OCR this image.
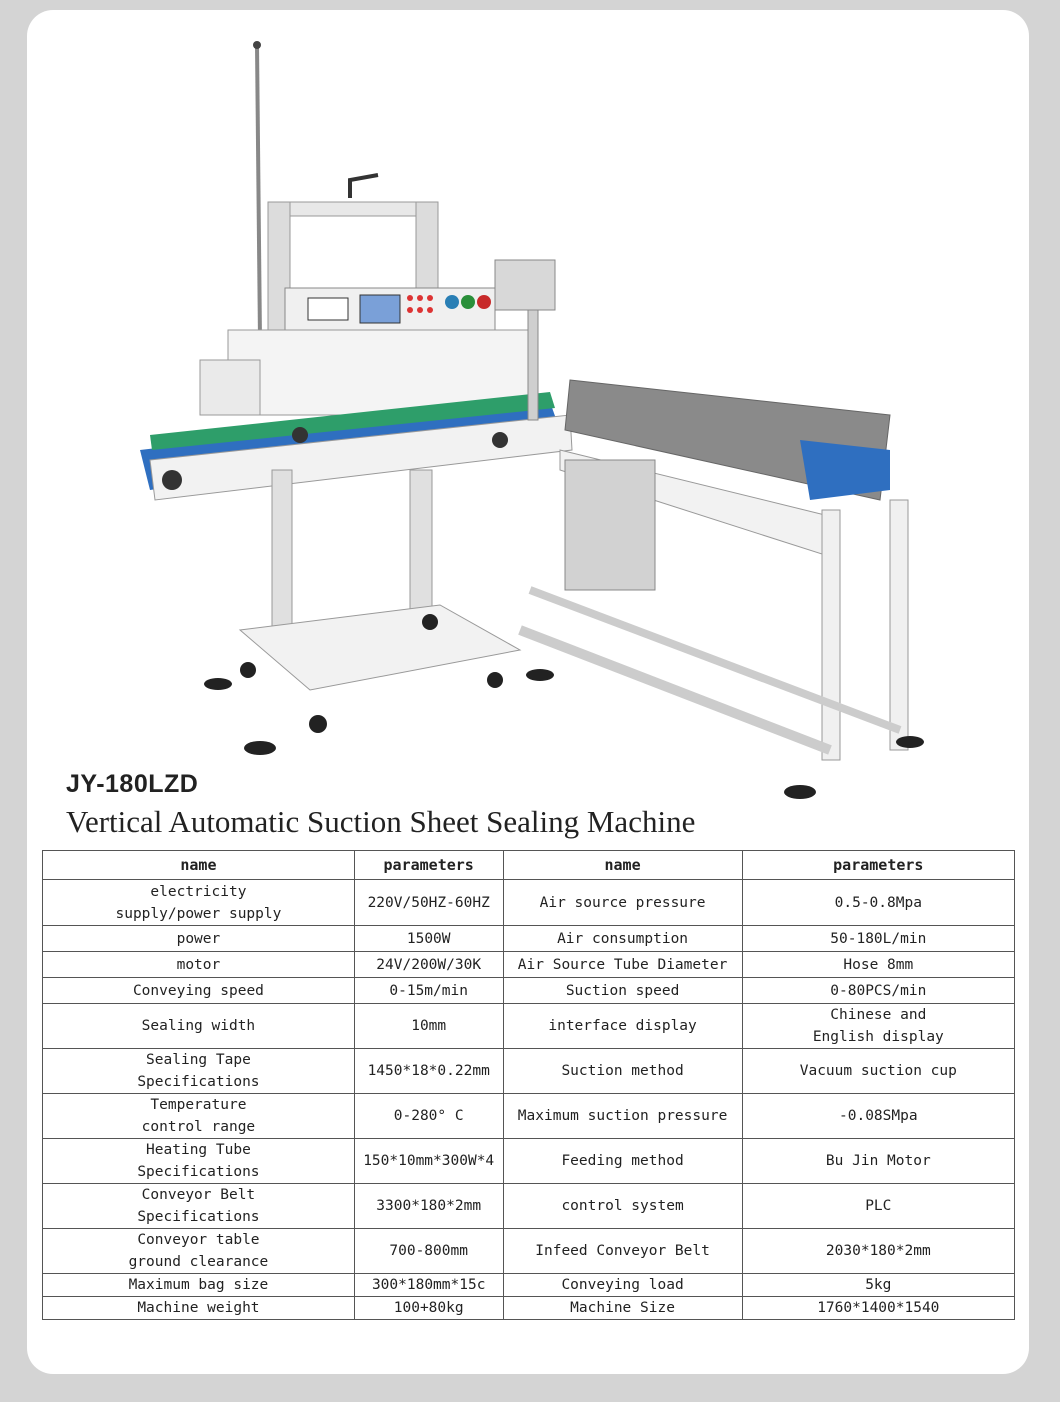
JY-180LZD
Vertical Automatic Suction Sheet Sealing Machine
name	parameters	name	parameters
electricity
supply/power supply	220V/50HZ-60HZ	Air source pressure	0.5-0.8Mpa
power	1500W	Air consumption	50-180L/min
motor	24V/200W/30K	Air Source Tube Diameter	Hose 8mm
Conveying speed	0-15m/min	Suction speed	0-80PCS/min
Sealing width	10mm	interface display	Chinese and
English display
Sealing Tape
Specifications	1450*18*0.22mm	Suction method	Vacuum suction cup
Temperature
control range	0-280° C	Maximum suction pressure	-0.08SMpa
Heating Tube
Specifications	150*10mm*300W*4	Feeding method	Bu Jin Motor
Conveyor Belt
Specifications	3300*180*2mm	control system	PLC
Conveyor table
ground clearance	700-800mm	Infeed Conveyor Belt	2030*180*2mm
Maximum bag size	300*180mm*15c	Conveying load	5kg
Machine weight	100+80kg	Machine Size	1760*1400*1540
